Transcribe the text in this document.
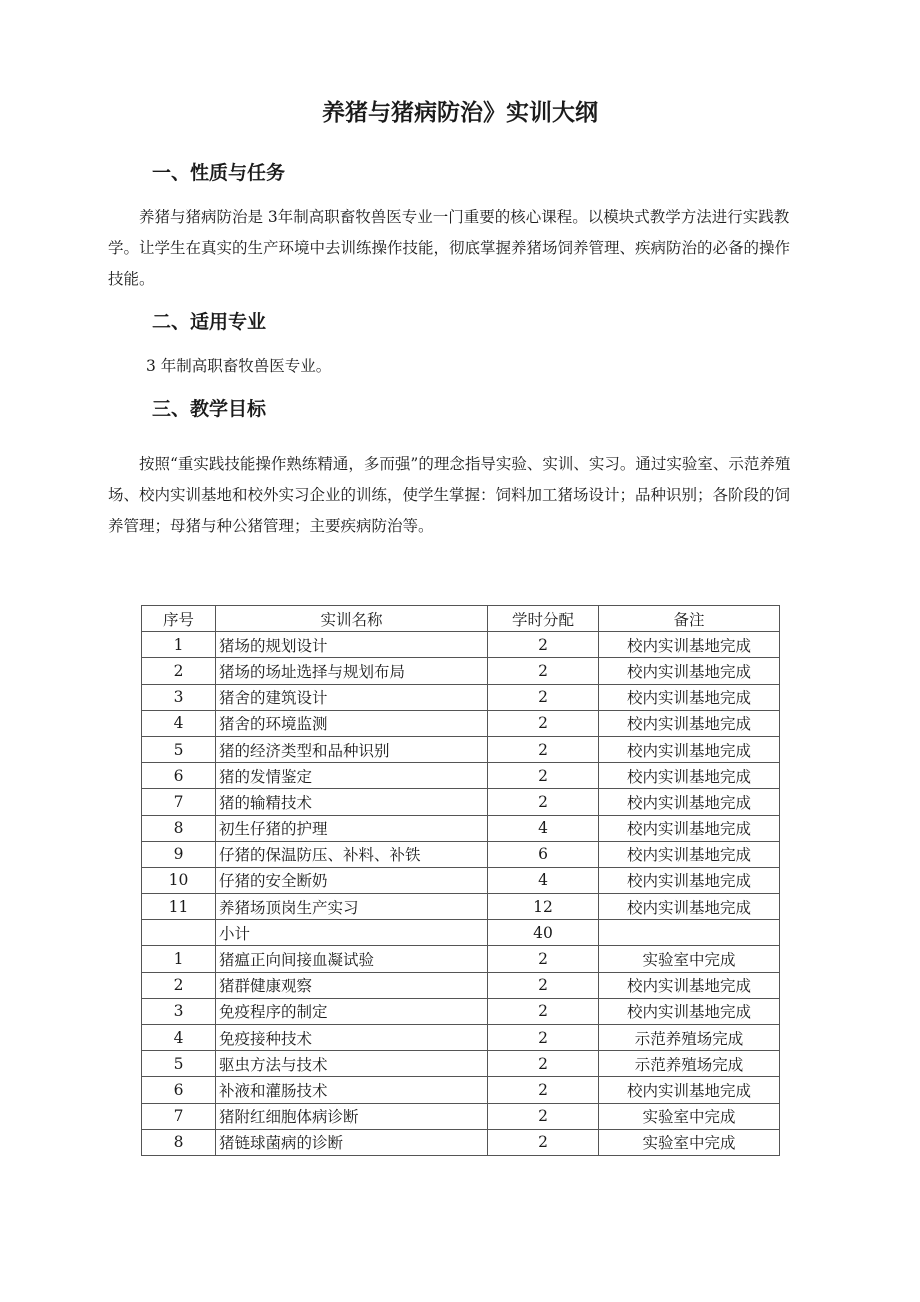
养猪与猪病防治》实训大纲
一、性质与任务

养猪与猪病防治是 3年制高职畜牧兽医专业一门重要的核心课程。以模块式教学方法进行实践教学。让学生在真实的生产环境中去训练操作技能，彻底掌握养猪场饲养管理、疾病防治的必备的操作技能。

二、适用专业

3 年制高职畜牧兽医专业。

三、教学目标

按照“重实践技能操作熟练精通，多而强”的理念指导实验、实训、实习。通过实验室、示范养殖场、校内实训基地和校外实习企业的训练，使学生掌握：饲料加工猪场设计；品种识别；各阶段的饲养管理；母猪与种公猪管理；主要疾病防治等。

序号	实训名称	学时分配	备注
1	猪场的规划设计	2	校内实训基地完成
2	猪场的场址选择与规划布局	2	校内实训基地完成
3	猪舍的建筑设计	2	校内实训基地完成
4	猪舍的环境监测	2	校内实训基地完成
5	猪的经济类型和品种识别	2	校内实训基地完成
6	猪的发情鉴定	2	校内实训基地完成
7	猪的输精技术	2	校内实训基地完成
8	初生仔猪的护理	4	校内实训基地完成
9	仔猪的保温防压、补料、补铁	6	校内实训基地完成
10	仔猪的安全断奶	4	校内实训基地完成
11	养猪场顶岗生产实习	12	校内实训基地完成
	小计	40	
1	猪瘟正向间接血凝试验	2	实验室中完成
2	猪群健康观察	2	校内实训基地完成
3	免疫程序的制定	2	校内实训基地完成
4	免疫接种技术	2	示范养殖场完成
5	驱虫方法与技术	2	示范养殖场完成
6	补液和灌肠技术	2	校内实训基地完成
7	猪附红细胞体病诊断	2	实验室中完成
8	猪链球菌病的诊断	2	实验室中完成
